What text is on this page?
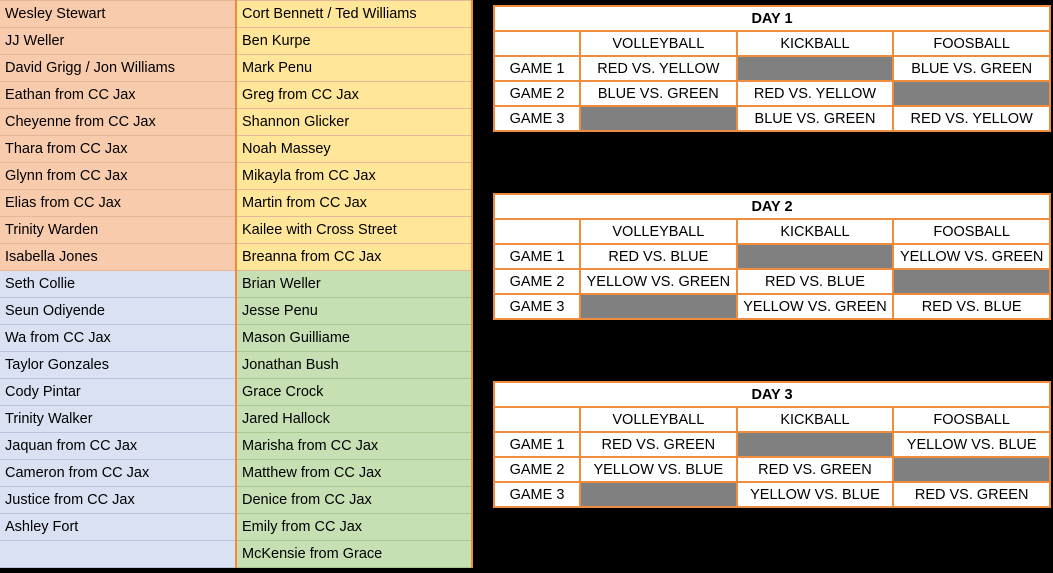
Wesley Stewart	Cort Bennett / Ted Williams
JJ Weller	Ben Kurpe
David Grigg / Jon Williams	Mark Penu
Eathan from CC Jax	Greg from CC Jax
Cheyenne from CC Jax	Shannon Glicker
Thara from CC Jax	Noah Massey
Glynn from CC Jax	Mikayla from CC Jax
Elias from CC Jax	Martin from CC Jax
Trinity Warden	Kailee with Cross Street
Isabella Jones	Breanna from CC Jax
Seth Collie	Brian Weller
Seun Odiyende	Jesse Penu
Wa from CC Jax	Mason Guilliame
Taylor Gonzales	Jonathan Bush
Cody Pintar	Grace Crock
Trinity Walker	Jared Hallock
Jaquan from CC Jax	Marisha from CC Jax
Cameron from CC Jax	Matthew from CC Jax
Justice from CC Jax	Denice from CC Jax
Ashley Fort	Emily from CC Jax
	McKensie from Grace
DAY 1			
	VOLLEYBALL	KICKBALL	FOOSBALL
GAME 1	RED VS. YELLOW		BLUE VS. GREEN
GAME 2	BLUE VS. GREEN	RED VS. YELLOW	
GAME 3		BLUE VS. GREEN	RED VS. YELLOW
DAY 2			
	VOLLEYBALL	KICKBALL	FOOSBALL
GAME 1	RED VS. BLUE		YELLOW VS. GREEN
GAME 2	YELLOW VS. GREEN	RED VS. BLUE	
GAME 3		YELLOW VS. GREEN	RED VS. BLUE
DAY 3			
	VOLLEYBALL	KICKBALL	FOOSBALL
GAME 1	RED VS. GREEN		YELLOW VS. BLUE
GAME 2	YELLOW VS. BLUE	RED VS. GREEN	
GAME 3		YELLOW VS. BLUE	RED VS. GREEN
